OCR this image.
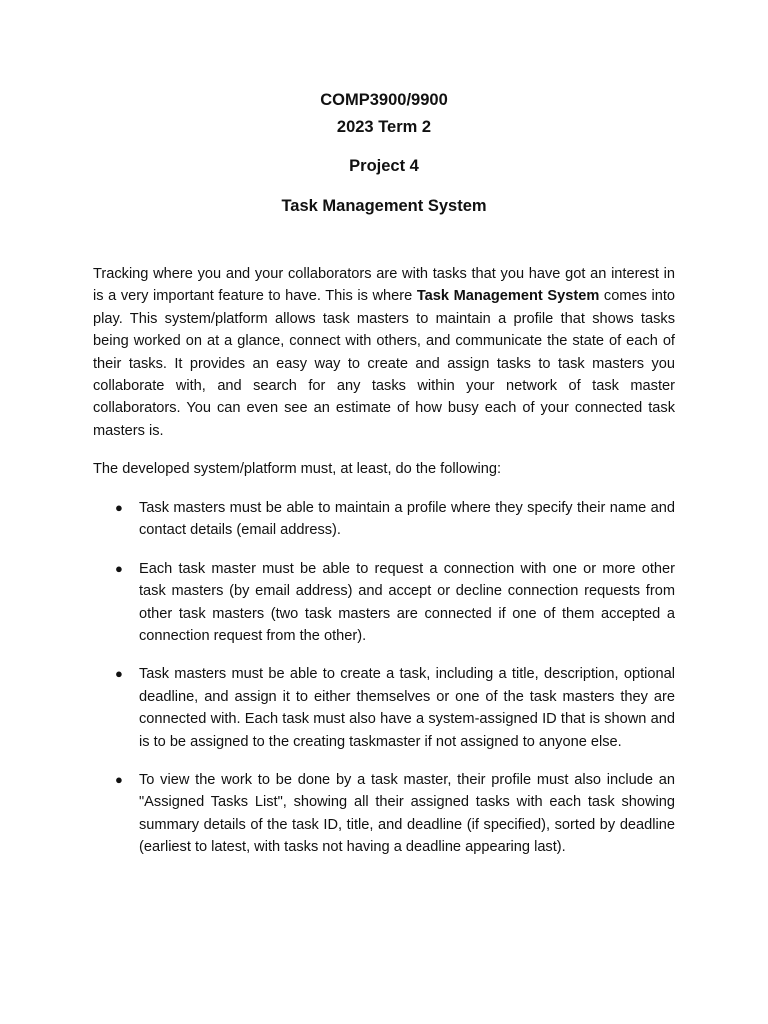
COMP3900/9900
2023 Term 2
Project 4
Task Management System

Tracking where you and your collaborators are with tasks that you have got an interest in is a very important feature to have. This is where Task Management System comes into play. This system/platform allows task masters to maintain a profile that shows tasks being worked on at a glance, connect with others, and communicate the state of each of their tasks. It provides an easy way to create and assign tasks to task masters you collaborate with, and search for any tasks within your network of task master collaborators. You can even see an estimate of how busy each of your connected task masters is.

The developed system/platform must, at least, do the following:

● Task masters must be able to maintain a profile where they specify their name and contact details (email address).
● Each task master must be able to request a connection with one or more other task masters (by email address) and accept or decline connection requests from other task masters (two task masters are connected if one of them accepted a connection request from the other).
● Task masters must be able to create a task, including a title, description, optional deadline, and assign it to either themselves or one of the task masters they are connected with. Each task must also have a system-assigned ID that is shown and is to be assigned to the creating taskmaster if not assigned to anyone else.
● To view the work to be done by a task master, their profile must also include an "Assigned Tasks List", showing all their assigned tasks with each task showing summary details of the task ID, title, and deadline (if specified), sorted by deadline (earliest to latest, with tasks not having a deadline appearing last).
